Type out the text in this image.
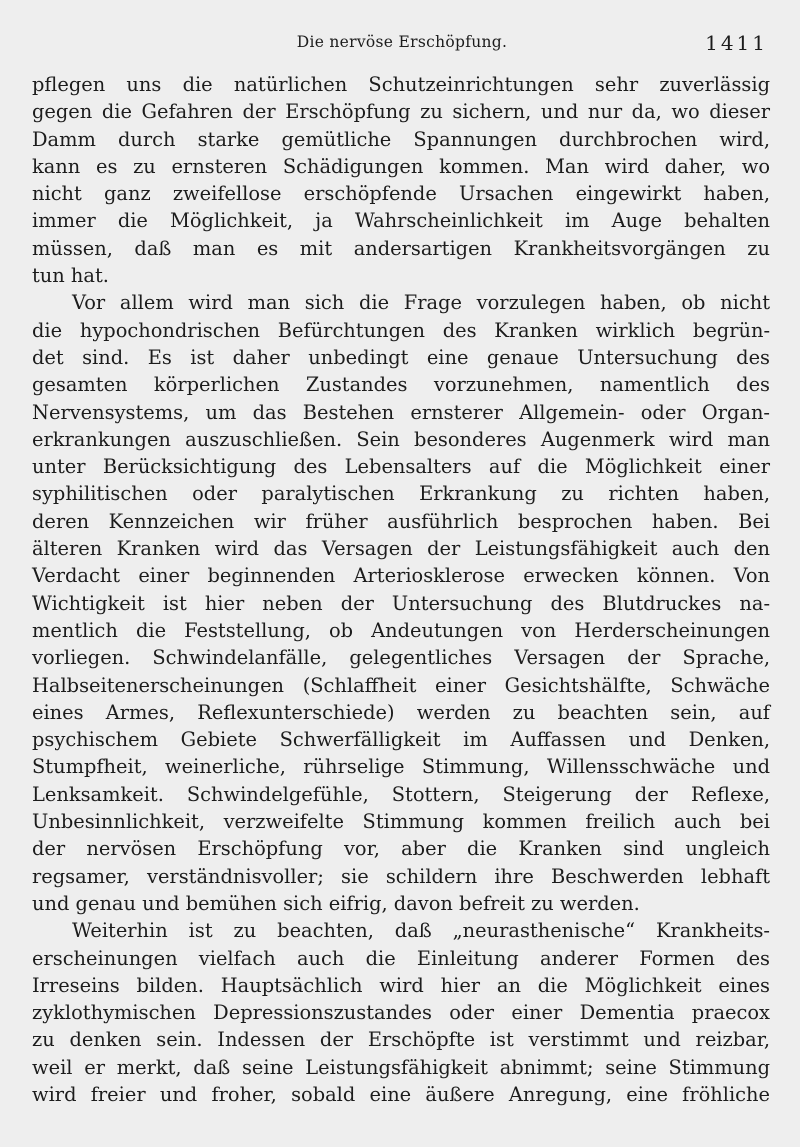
Die nervöse Erschöpfung.	1411
pflegen uns die natürlichen Schutzeinrichtungen sehr zuverlässig
gegen die Gefahren der Erschöpfung zu sichern, und nur da, wo dieser
Damm durch starke gemütliche Spannungen durchbrochen wird,
kann es zu ernsteren Schädigungen kommen. Man wird daher, wo
nicht ganz zweifellose erschöpfende Ursachen eingewirkt haben,
immer die Möglichkeit, ja Wahrscheinlichkeit im Auge behalten
müssen, daß man es mit andersartigen Krankheitsvorgängen zu
tun hat.
Vor allem wird man sich die Frage vorzulegen haben, ob nicht
die hypochondrischen Befürchtungen des Kranken wirklich begrün-
det sind. Es ist daher unbedingt eine genaue Untersuchung des
gesamten körperlichen Zustandes vorzunehmen, namentlich des
Nervensystems, um das Bestehen ernsterer Allgemein- oder Organ-
erkrankungen auszuschließen. Sein besonderes Augenmerk wird man
unter Berücksichtigung des Lebensalters auf die Möglichkeit einer
syphilitischen oder paralytischen Erkrankung zu richten haben,
deren Kennzeichen wir früher ausführlich besprochen haben. Bei
älteren Kranken wird das Versagen der Leistungsfähigkeit auch den
Verdacht einer beginnenden Arteriosklerose erwecken können. Von
Wichtigkeit ist hier neben der Untersuchung des Blutdruckes na-
mentlich die Feststellung, ob Andeutungen von Herderscheinungen
vorliegen. Schwindelanfälle, gelegentliches Versagen der Sprache,
Halbseitenerscheinungen (Schlaffheit einer Gesichtshälfte, Schwäche
eines Armes, Reflexunterschiede) werden zu beachten sein, auf
psychischem Gebiete Schwerfälligkeit im Auffassen und Denken,
Stumpfheit, weinerliche, rührselige Stimmung, Willensschwäche und
Lenksamkeit. Schwindelgefühle, Stottern, Steigerung der Reflexe,
Unbesinnlichkeit, verzweifelte Stimmung kommen freilich auch bei
der nervösen Erschöpfung vor, aber die Kranken sind ungleich
regsamer, verständnisvoller; sie schildern ihre Beschwerden lebhaft
und genau und bemühen sich eifrig, davon befreit zu werden.
Weiterhin ist zu beachten, daß „neurasthenische“ Krankheits-
erscheinungen vielfach auch die Einleitung anderer Formen des
Irreseins bilden. Hauptsächlich wird hier an die Möglichkeit eines
zyklothymischen Depressionszustandes oder einer Dementia praecox
zu denken sein. Indessen der Erschöpfte ist verstimmt und reizbar,
weil er merkt, daß seine Leistungsfähigkeit abnimmt; seine Stimmung
wird freier und froher, sobald eine äußere Anregung, eine fröhliche
